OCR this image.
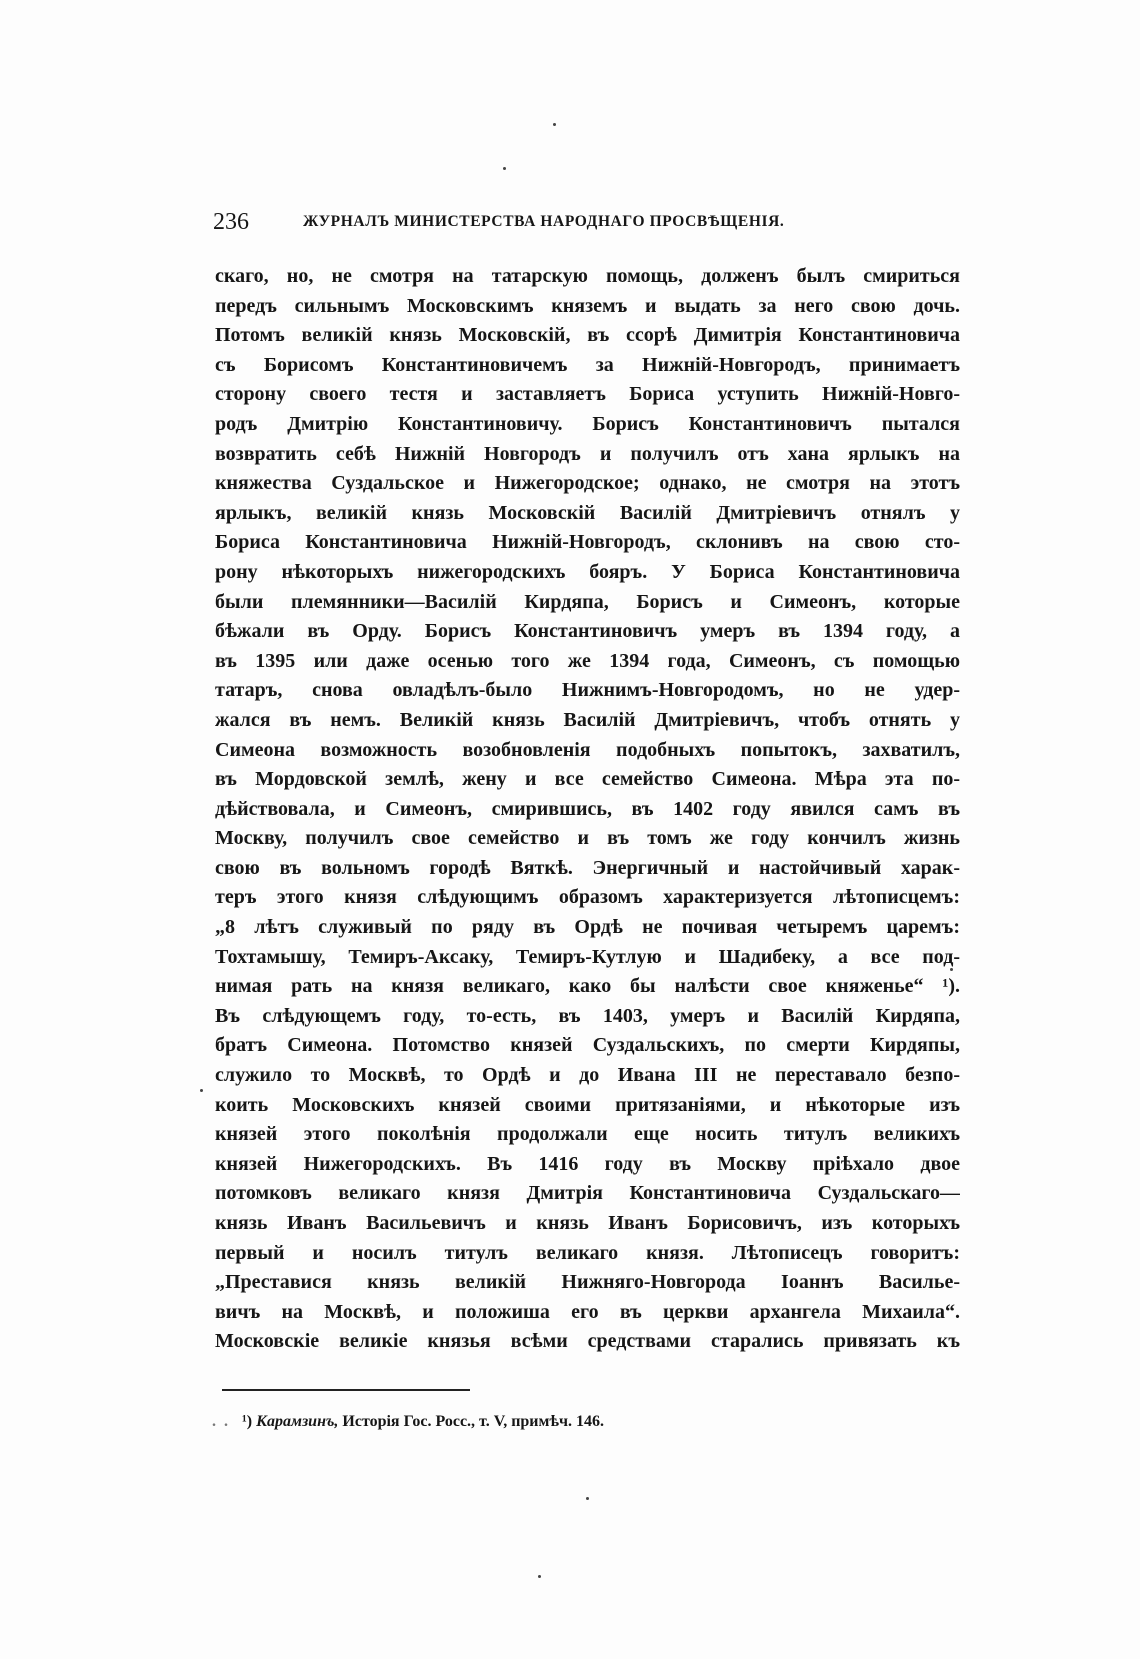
236	ЖУРНАЛЪ МИНИСТЕРСТВА НАРОДНАГО ПРОСВѢЩЕНІЯ.
скаго, но, не смотря на татарскую помощь, долженъ былъ смириться
передъ сильнымъ Московскимъ княземъ и выдать за него свою дочь.
Потомъ великій князь Московскій, въ ссорѣ Димитрія Константиновича
съ Борисомъ Константиновичемъ за Нижній-Новгородъ, принимаетъ
сторону своего тестя и заставляетъ Бориса уступить Нижній-Новго-
родъ Дмитрію Константиновичу. Борисъ Константиновичъ пытался
возвратить себѣ Нижній Новгородъ и получилъ отъ хана ярлыкъ на
княжества Суздальское и Нижегородское; однако, не смотря на этотъ
ярлыкъ, великій князь Московскій Василій Дмитріевичъ отнялъ у
Бориса Константиновича Нижній-Новгородъ, склонивъ на свою сто-
рону нѣкоторыхъ нижегородскихъ бояръ. У Бориса Константиновича
были племянники—Василій Кирдяпа, Борисъ и Симеонъ, которые
бѣжали въ Орду. Борисъ Константиновичъ умеръ въ 1394 году, а
въ 1395 или даже осенью того же 1394 года, Симеонъ, съ помощью
татаръ, снова овладѣлъ-было Нижнимъ-Новгородомъ, но не удер-
жался въ немъ. Великій князь Василій Дмитріевичъ, чтобъ отнять у
Симеона возможность возобновленія подобныхъ попытокъ, захватилъ,
въ Мордовской землѣ, жену и все семейство Симеона. Мѣра эта по-
дѣйствовала, и Симеонъ, смирившись, въ 1402 году явился самъ въ
Москву, получилъ свое семейство и въ томъ же году кончилъ жизнь
свою въ вольномъ городѣ Вяткѣ. Энергичный и настойчивый харак-
теръ этого князя слѣдующимъ образомъ характеризуется лѣтописцемъ:
„8 лѣтъ служивый по ряду въ Ордѣ не почивая четыремъ царемъ:
Тохтамышу, Темиръ-Аксаку, Темиръ-Кутлую и Шадибеку, а все под-
нимая рать на князя великаго, како бы налѣсти свое княженье“ ¹).
Въ слѣдующемъ году, то-есть, въ 1403, умеръ и Василій Кирдяпа,
братъ Симеона. Потомство князей Суздальскихъ, по смерти Кирдяпы,
служило то Москвѣ, то Ордѣ и до Ивана III не переставало безпо-
коить Московскихъ князей своими притязаніями, и нѣкоторые изъ
князей этого поколѣнія продолжали еще носить титулъ великихъ
князей Нижегородскихъ. Въ 1416 году въ Москву пріѣхало двое
потомковъ великаго князя Дмитрія Константиновича Суздальскаго—
князь Иванъ Васильевичъ и князь Иванъ Борисовичъ, изъ которыхъ
первый и носилъ титулъ великаго князя. Лѣтописецъ говоритъ:
„Преставися князь великій Нижняго-Новгорода Іоаннъ Василье-
вичъ на Москвѣ, и положиша его въ церкви архангела Михаила“.
Московскіе великіе князья всѣми средствами старались привязать къ
. . ¹) Карамзинъ, Исторія Гос. Росс., т. V, примѣч. 146.
